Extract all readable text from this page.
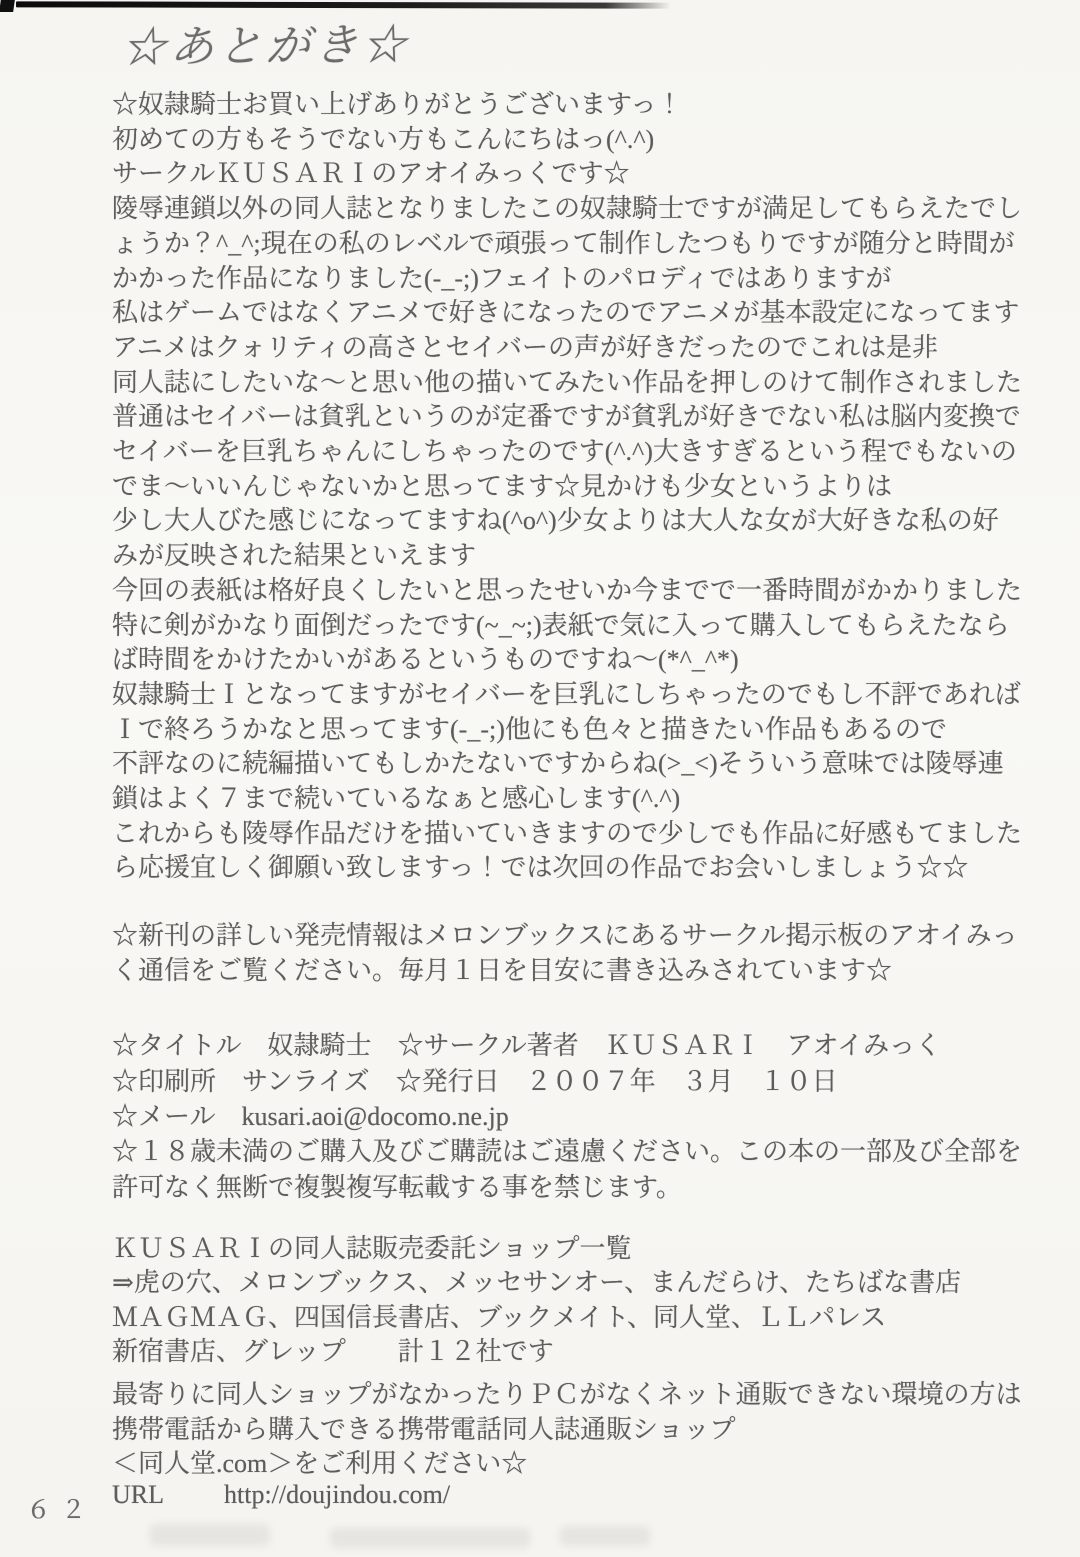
☆あとがき☆
☆奴隷騎士お買い上げありがとうございますっ！
初めての方もそうでない方もこんにちはっ(^.^)
サークルＫＵＳＡＲＩのアオイみっくです☆
陵辱連鎖以外の同人誌となりましたこの奴隷騎士ですが満足してもらえたでし
ょうか？^_^;現在の私のレベルで頑張って制作したつもりですが随分と時間が
かかった作品になりました(-_-;)フェイトのパロディではありますが
私はゲームではなくアニメで好きになったのでアニメが基本設定になってます
アニメはクォリティの高さとセイバーの声が好きだったのでこれは是非
同人誌にしたいな～と思い他の描いてみたい作品を押しのけて制作されました
普通はセイバーは貧乳というのが定番ですが貧乳が好きでない私は脳内変換で
セイバーを巨乳ちゃんにしちゃったのです(^.^)大きすぎるという程でもないの
でま～いいんじゃないかと思ってます☆見かけも少女というよりは
少し大人びた感じになってますね(^o^)少女よりは大人な女が大好きな私の好
みが反映された結果といえます
今回の表紙は格好良くしたいと思ったせいか今までで一番時間がかかりました
特に剣がかなり面倒だったです(~_~;)表紙で気に入って購入してもらえたなら
ば時間をかけたかいがあるというものですね～(*^_^*)
奴隷騎士Ｉとなってますがセイバーを巨乳にしちゃったのでもし不評であれば
Ｉで終ろうかなと思ってます(-_-;)他にも色々と描きたい作品もあるので
不評なのに続編描いてもしかたないですからね(>_<)そういう意味では陵辱連
鎖はよく７まで続いているなぁと感心します(^.^)
これからも陵辱作品だけを描いていきますので少しでも作品に好感もてました
ら応援宜しく御願い致しますっ！では次回の作品でお会いしましょう☆☆
☆新刊の詳しい発売情報はメロンブックスにあるサークル掲示板のアオイみっ
く通信をご覧ください。毎月１日を目安に書き込みされています☆
☆タイトル　奴隷騎士　☆サークル著者　ＫＵＳＡＲＩ　アオイみっく
☆印刷所　サンライズ　☆発行日　２００７年　３月　１０日
☆メール　kusari.aoi@docomo.ne.jp
☆１８歳未満のご購入及びご購読はご遠慮ください。この本の一部及び全部を
許可なく無断で複製複写転載する事を禁じます。
ＫＵＳＡＲＩの同人誌販売委託ショップ一覧
⇒虎の穴、メロンブックス、メッセサンオー、まんだらけ、たちばな書店
ＭＡＧＭＡＧ、四国信長書店、ブックメイト、同人堂、ＬＬパレス
新宿書店、グレップ　　計１２社です
最寄りに同人ショップがなかったりＰＣがなくネット通販できない環境の方は
携帯電話から購入できる携帯電話同人誌通販ショップ
＜同人堂.com＞をご利用ください☆
URL http://doujindou.com/
６２
